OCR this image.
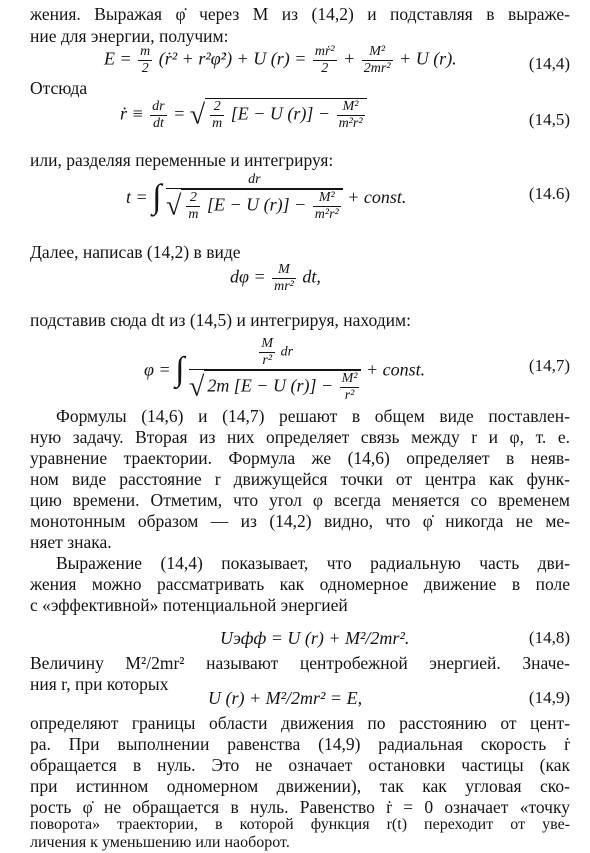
жения. Выражая φ̇ через M из (14,2) и подставляя в выраже-
ние для энергии, получим:
$E = \frac{m}{2}$ (ṙ² + r²φ̇²) + U $(r) = \frac{\text{mṙ²}}{2} + \frac{\text{M²}}{\text{2mr²}} + U$ (r).	(14,4)
Отсюда
ṙ ≡ $\frac{dr}{dt}$ = √ $\frac{2}{m} [E - U$ $(r)] - \frac{\text{M²}}{\text{m²r²}}$	(14,5)
или, разделяя переменные и интегрируя:
t = ∫	dr
√ $\frac{2}{m} [E - U$ $(r)] - \frac{\text{M²}}{\text{m²r²}}$ + const.	(14.6)
Далее, написав (14,2) в виде
$d\varphi = \frac{M}{\text{mr²}}$ dt,
подставив сюда dt из (14,5) и интегрируя, находим:
φ = ∫	$\frac{M}{\text{r²}}$ dr
√ 2m [E − U $(r)] - \frac{\text{M²}}{\text{r²}}$
+ const.	(14,7)
Формулы (14,6) и (14,7) решают в общем виде поставлен-
ную задачу. Вторая из них определяет связь между r и φ, т. е.
уравнение траектории. Формула же (14,6) определяет в неяв-
ном виде расстояние r движущейся точки от центра как функ-
цию времени. Отметим, что угол φ всегда меняется со временем
монотонным образом — из (14,2) видно, что φ̇ никогда не ме-
няет знака.
Выражение (14,4) показывает, что радиальную часть дви-
жения можно рассматривать как одномерное движение в поле
с «эффективной» потенциальной энергией
Uэфф = U (r) + M²/2mr².	(14,8)
Величину M²/2mr² называют центробежной энергией. Значе-
ния r, при которых
U (r) + M²/2mr² = E,	(14,9)
определяют границы области движения по расстоянию от цент-
ра. При выполнении равенства (14,9) радиальная скорость ṙ
обращается в нуль. Это не означает остановки частицы (как
при истинном одномерном движении), так как угловая ско-
рость φ̇ не обращается в нуль. Равенство ṙ = 0 означает «точку
поворота» траектории, в которой функция r(t) переходит от уве-
личения к уменьшению или наоборот.
